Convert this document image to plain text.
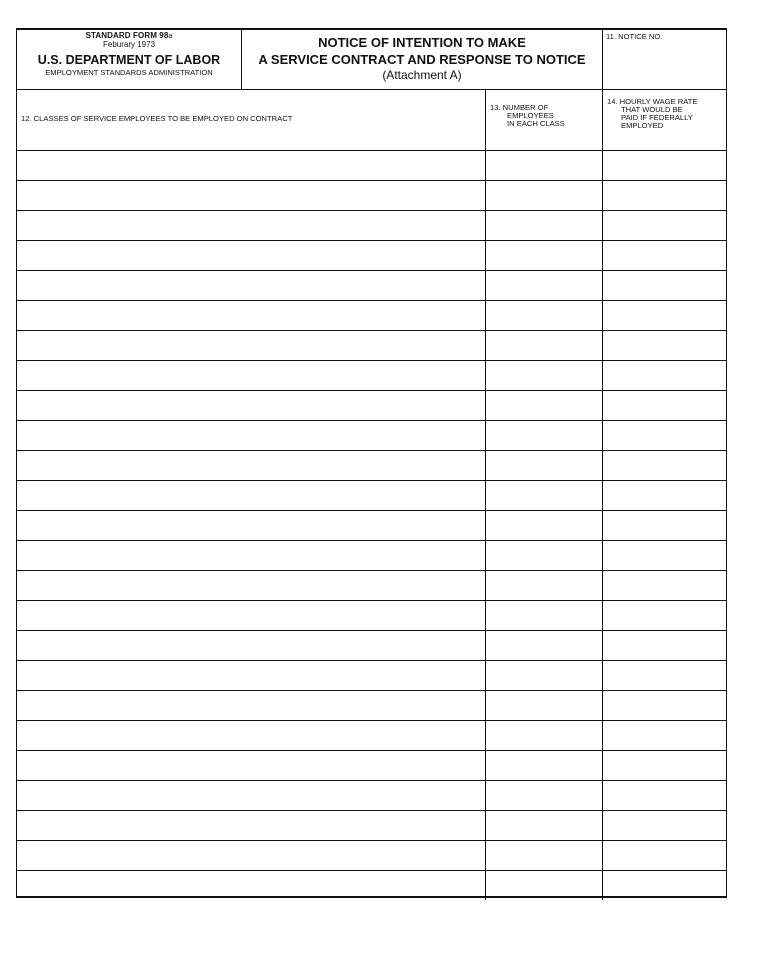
STANDARD FORM 98a
Feburary 1973
U.S. DEPARTMENT OF LABOR
EMPLOYMENT STANDARDS ADMINISTRATION
NOTICE OF INTENTION TO MAKE
A SERVICE CONTRACT AND RESPONSE TO NOTICE
(Attachment A)
11. NOTICE NO.
12. CLASSES OF SERVICE EMPLOYEES TO BE EMPLOYED ON CONTRACT
13. NUMBER OF
EMPLOYEES
IN EACH CLASS
14. HOURLY WAGE RATE
THAT WOULD BE
PAID IF FEDERALLY
EMPLOYED
